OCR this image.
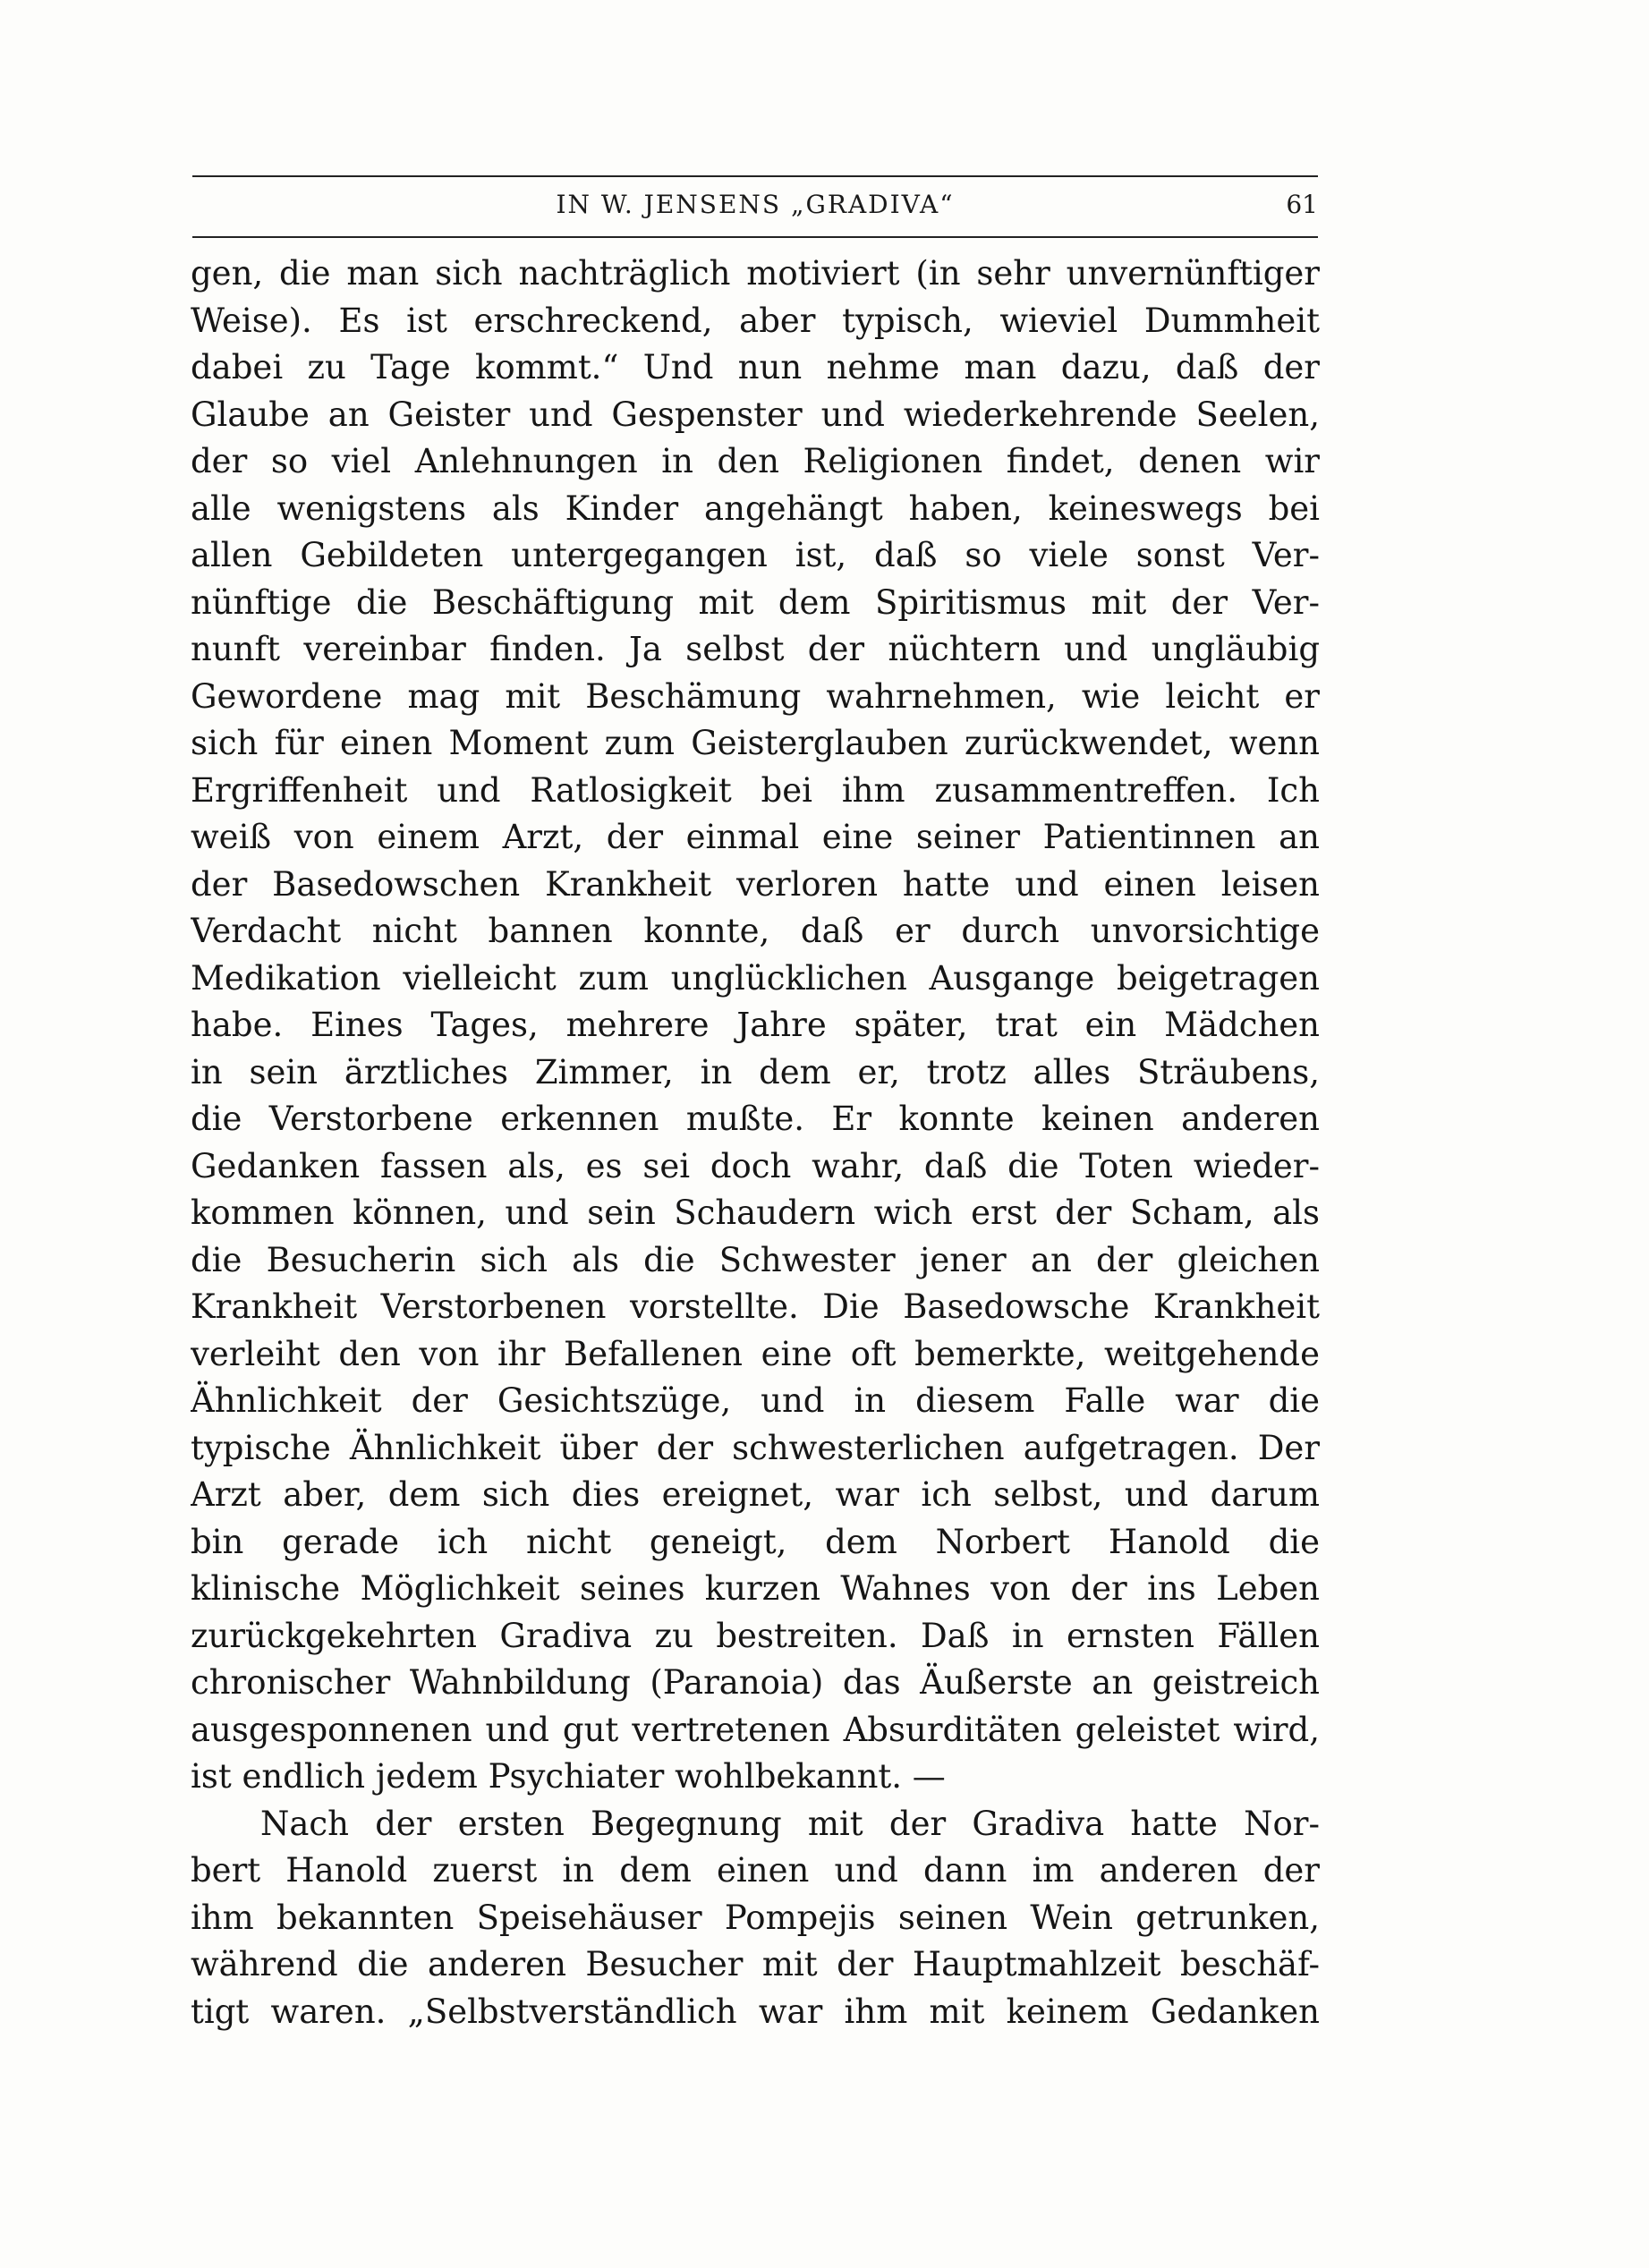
IN W. JENSENS „GRADIVA“	61
gen, die man sich nachträglich motiviert (in sehr unvernünftiger
Weise). Es ist erschreckend, aber typisch, wieviel Dummheit
dabei zu Tage kommt.“ Und nun nehme man dazu, daß der
Glaube an Geister und Gespenster und wiederkehrende Seelen,
der so viel Anlehnungen in den Religionen findet, denen wir
alle wenigstens als Kinder angehängt haben, keineswegs bei
allen Gebildeten untergegangen ist, daß so viele sonst Ver-
nünftige die Beschäftigung mit dem Spiritismus mit der Ver-
nunft vereinbar finden. Ja selbst der nüchtern und ungläubig
Gewordene mag mit Beschämung wahrnehmen, wie leicht er
sich für einen Moment zum Geisterglauben zurückwendet, wenn
Ergriffenheit und Ratlosigkeit bei ihm zusammentreffen. Ich
weiß von einem Arzt, der einmal eine seiner Patientinnen an
der Basedowschen Krankheit verloren hatte und einen leisen
Verdacht nicht bannen konnte, daß er durch unvorsichtige
Medikation vielleicht zum unglücklichen Ausgange beigetragen
habe. Eines Tages, mehrere Jahre später, trat ein Mädchen
in sein ärztliches Zimmer, in dem er, trotz alles Sträubens,
die Verstorbene erkennen mußte. Er konnte keinen anderen
Gedanken fassen als, es sei doch wahr, daß die Toten wieder-
kommen können, und sein Schaudern wich erst der Scham, als
die Besucherin sich als die Schwester jener an der gleichen
Krankheit Verstorbenen vorstellte. Die Basedowsche Krankheit
verleiht den von ihr Befallenen eine oft bemerkte, weitgehende
Ähnlichkeit der Gesichtszüge, und in diesem Falle war die
typische Ähnlichkeit über der schwesterlichen aufgetragen. Der
Arzt aber, dem sich dies ereignet, war ich selbst, und darum
bin gerade ich nicht geneigt, dem Norbert Hanold die
klinische Möglichkeit seines kurzen Wahnes von der ins Leben
zurückgekehrten Gradiva zu bestreiten. Daß in ernsten Fällen
chronischer Wahnbildung (Paranoia) das Äußerste an geistreich
ausgesponnenen und gut vertretenen Absurditäten geleistet wird,
ist endlich jedem Psychiater wohlbekannt. —
Nach der ersten Begegnung mit der Gradiva hatte Nor-
bert Hanold zuerst in dem einen und dann im anderen der
ihm bekannten Speisehäuser Pompejis seinen Wein getrunken,
während die anderen Besucher mit der Hauptmahlzeit beschäf-
tigt waren. „Selbstverständlich war ihm mit keinem Gedanken
